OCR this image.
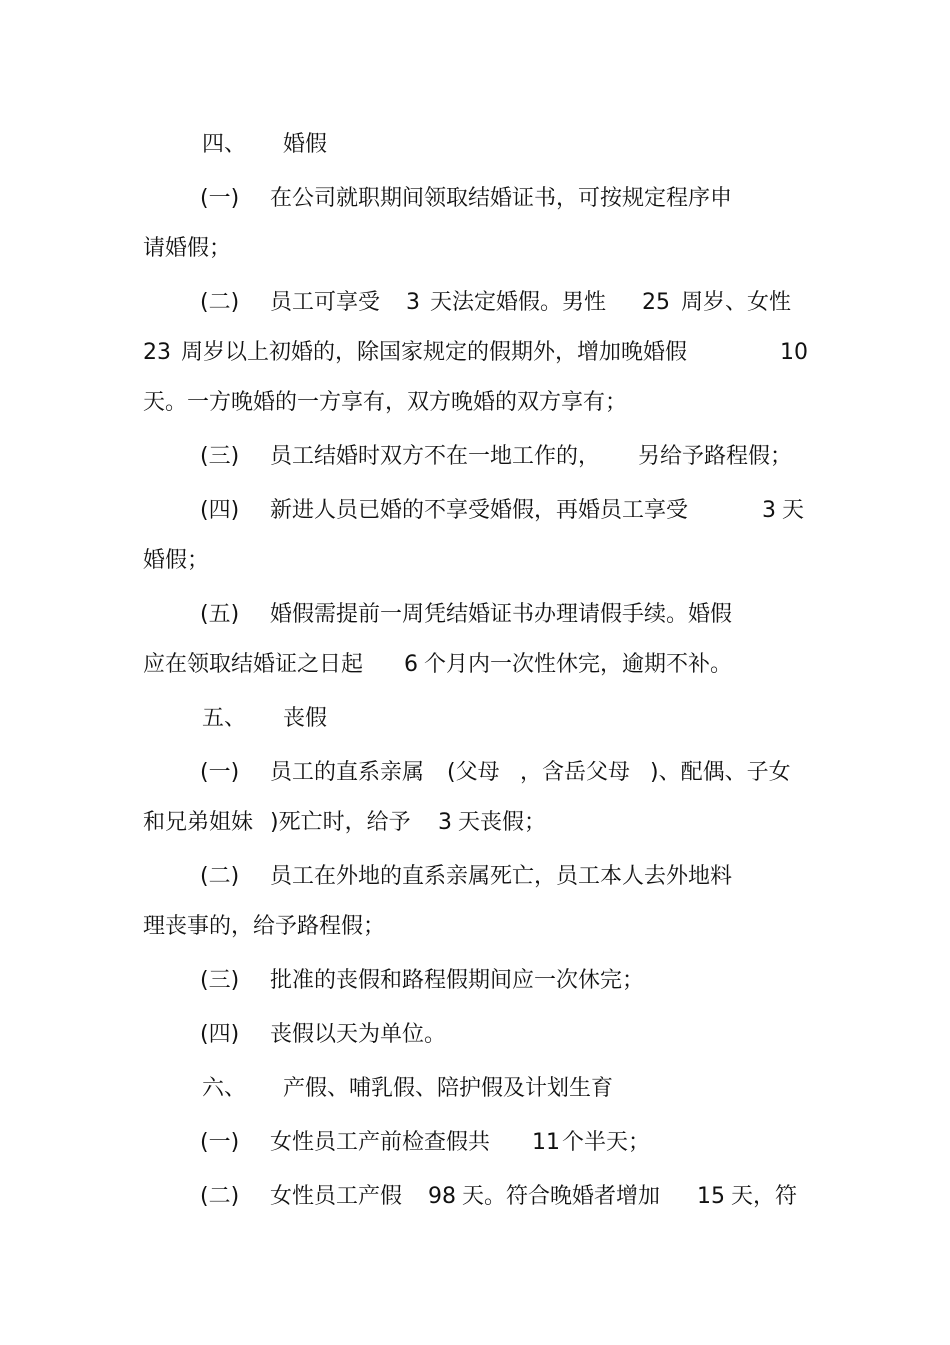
四、 婚假
(一) 在公司就职期间领取结婚证书，可按规定程序申
请婚假；
(二) 员工可享受 3 天法定婚假。男性 25 周岁、女性
23 周岁以上初婚的，除国家规定的假期外，增加晚婚假	10
天。一方晚婚的一方享有，双方晚婚的双方享有；
(三) 员工结婚时双方不在一地工作的， 另给予路程假；
(四) 新进人员已婚的不享受婚假，再婚员工享受	3 天
婚假；
(五) 婚假需提前一周凭结婚证书办理请假手续。婚假
应在领取结婚证之日起 6 个月内一次性休完，逾期不补。
五、 丧假
(一) 员工的直系亲属 (父母 ，含岳父母 )、配偶、子女
和兄弟姐妹 )死亡时，给予 3 天丧假；
(二) 员工在外地的直系亲属死亡，员工本人去外地料
理丧事的，给予路程假；
(三) 批准的丧假和路程假期间应一次休完；
(四) 丧假以天为单位。
六、 产假、哺乳假、陪护假及计划生育
(一) 女性员工产前检查假共 11 个半天；
(二) 女性员工产假 98 天。符合晚婚者增加 15 天，符
